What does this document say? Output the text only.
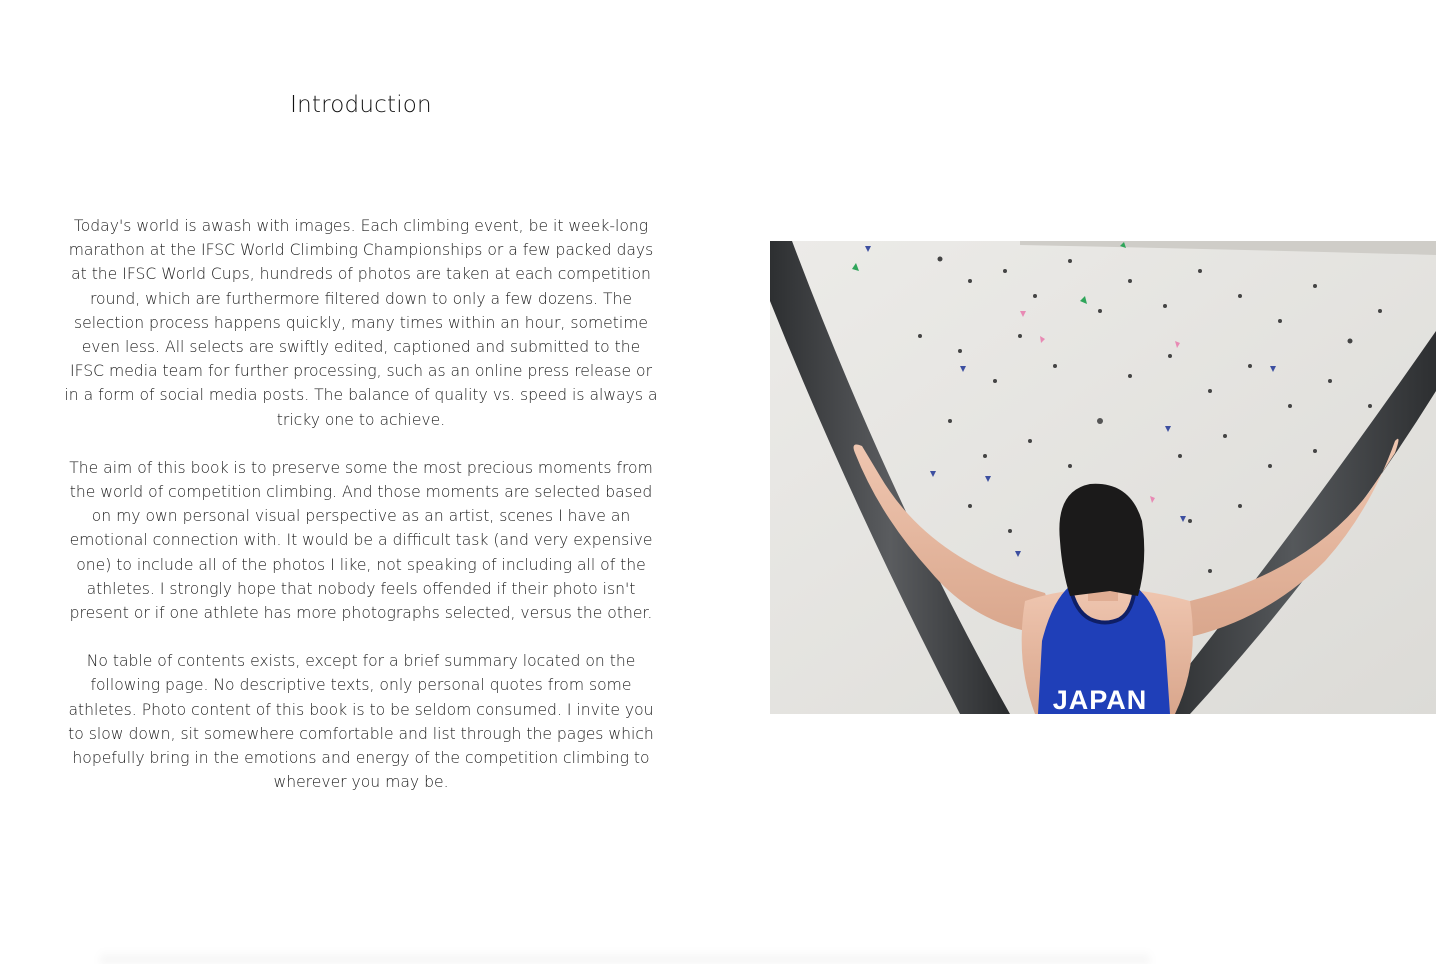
Introduction

Today's world is awash with images. Each climbing event, be it week-long marathon at the IFSC World Climbing Championships or a few packed days at the IFSC World Cups, hundreds of photos are taken at each competition round, which are furthermore filtered down to only a few dozens. The selection process happens quickly, many times within an hour, sometime even less. All selects are swiftly edited, captioned and submitted to the IFSC media team for further processing, such as an online press release or in a form of social media posts. The balance of quality vs. speed is always a tricky one to achieve.

The aim of this book is to preserve some the most precious moments from the world of competition climbing. And those moments are selected based on my own personal visual perspective as an artist, scenes I have an emotional connection with. It would be a difficult task (and very expensive one) to include all of the photos I like, not speaking of including all of the athletes. I strongly hope that nobody feels offended if their photo isn't present or if one athlete has more photographs selected, versus the other.

No table of contents exists, except for a brief summary located on the following page. No descriptive texts, only personal quotes from some athletes. Photo content of this book is to be seldom consumed. I invite you to slow down, sit somewhere comfortable and list through the pages which hopefully bring in the emotions and energy of the competition climbing to wherever you may be.

JAPAN
